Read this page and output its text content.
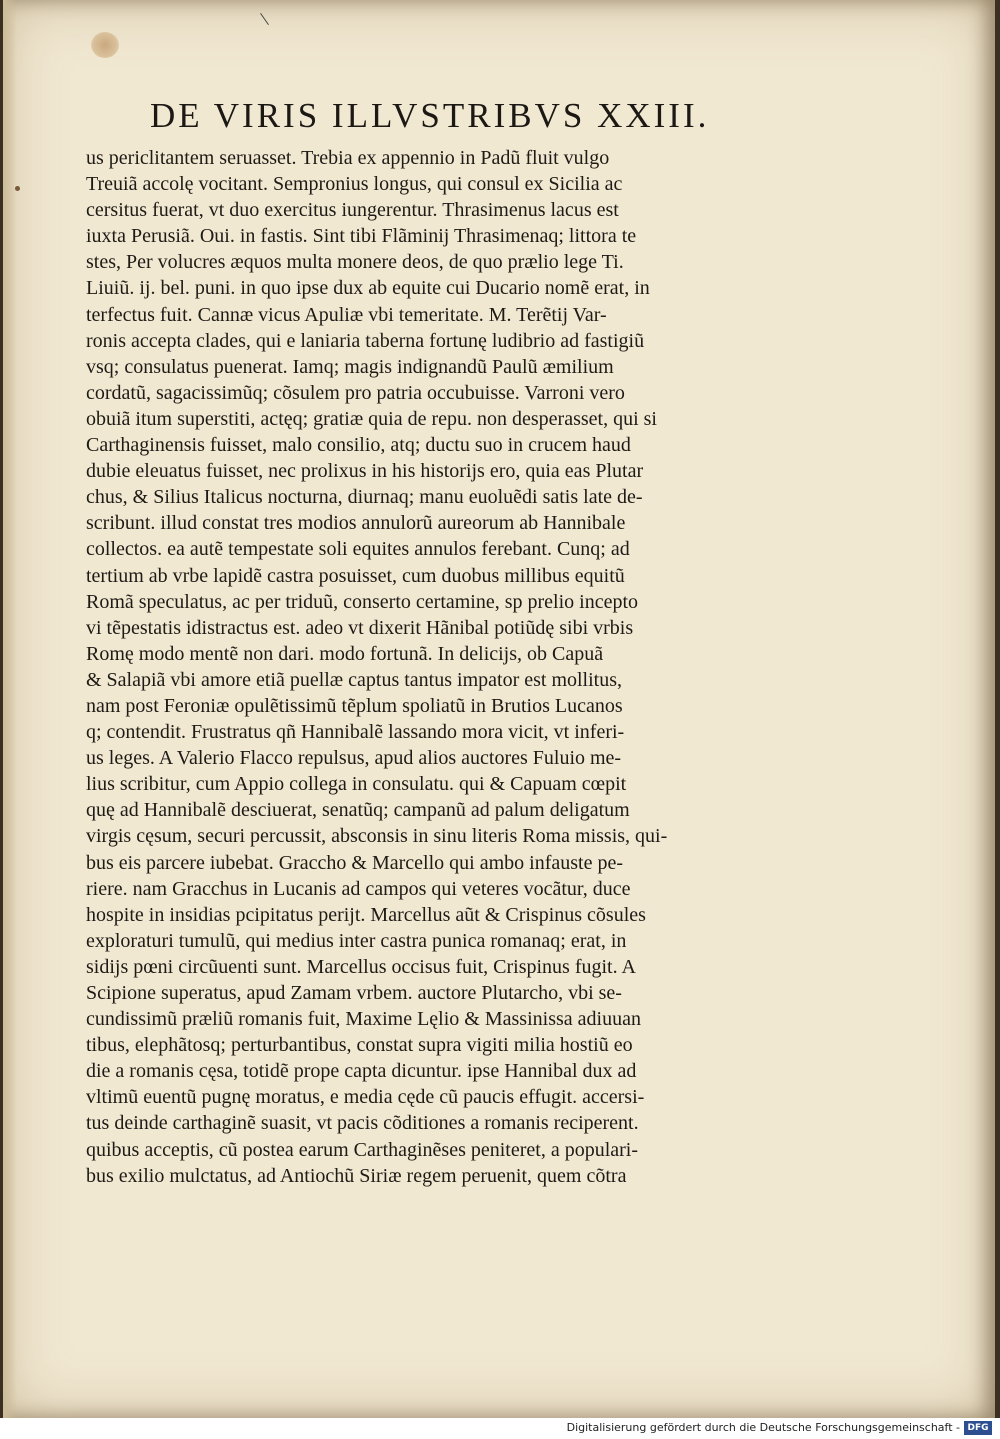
DE VIRIS ILLVSTRIBVS XXIII.
us periclitantem seruasset. Trebia ex appennio in Padũ fluit vulgo
Treuiã accolę vocitant. Sempronius longus, qui consul ex Sicilia ac
cersitus fuerat, vt duo exercitus iungerentur. Thrasimenus lacus est
iuxta Perusiã. Oui. in fastis. Sint tibi Flãminij Thrasimenaq; littora te
stes, Per volucres æquos multa monere deos, de quo prælio lege Ti.
Liuiũ. ij. bel. puni. in quo ipse dux ab equite cui Ducario nomẽ erat, in
terfectus fuit. Cannæ vicus Apuliæ vbi temeritate. M. Terẽtij Var-
ronis accepta clades, qui e laniaria taberna fortunę ludibrio ad fastigiũ
vsq; consulatus puenerat. Iamq; magis indignandũ Paulũ æmilium
cordatũ, sagacissimũq; cõsulem pro patria occubuisse. Varroni vero
obuiã itum superstiti, actęq; gratiæ quia de repu. non desperasset, qui si
Carthaginensis fuisset, malo consilio, atq; ductu suo in crucem haud
dubie eleuatus fuisset, nec prolixus in his historijs ero, quia eas Plutar
chus, & Silius Italicus nocturna, diurnaq; manu euoluẽdi satis late de-
scribunt. illud constat tres modios annulorũ aureorum ab Hannibale
collectos. ea autẽ tempestate soli equites annulos ferebant. Cunq; ad
tertium ab vrbe lapidẽ castra posuisset, cum duobus millibus equitũ
Romã speculatus, ac per triduũ, conserto certamine, sp prelio incepto
vi tẽpestatis idistractus est. adeo vt dixerit Hãnibal potiũdę sibi vrbis
Romę modo mentẽ non dari. modo fortunã. In delicijs, ob Capuã
& Salapiã vbi amore etiã puellæ captus tantus impator est mollitus,
nam post Feroniæ opulẽtissimũ tẽplum spoliatũ in Brutios Lucanos
q; contendit. Frustratus qñ Hannibalẽ lassando mora vicit, vt inferi-
us leges. A Valerio Flacco repulsus, apud alios auctores Fuluio me-
lius scribitur, cum Appio collega in consulatu. qui & Capuam cœpit
quę ad Hannibalẽ desciuerat, senatũq; campanũ ad palum deligatum
virgis cęsum, securi percussit, absconsis in sinu literis Roma missis, qui-
bus eis parcere iubebat. Graccho & Marcello qui ambo infauste pe-
riere. nam Gracchus in Lucanis ad campos qui veteres vocãtur, duce
hospite in insidias pcipitatus perijt. Marcellus aũt & Crispinus cõsules
exploraturi tumulũ, qui medius inter castra punica romanaq; erat, in
sidijs pœni circũuenti sunt. Marcellus occisus fuit, Crispinus fugit. A
Scipione superatus, apud Zamam vrbem. auctore Plutarcho, vbi se-
cundissimũ præliũ romanis fuit, Maxime Lęlio & Massinissa adiuuan
tibus, elephãtosq; perturbantibus, constat supra vigiti milia hostiũ eo
die a romanis cęsa, totidẽ prope capta dicuntur. ipse Hannibal dux ad
vltimũ euentũ pugnę moratus, e media cęde cũ paucis effugit. accersi-
tus deinde carthaginẽ suasit, vt pacis cõditiones a romanis reciperent.
quibus acceptis, cũ postea earum Carthaginẽses peniteret, a populari-
bus exilio mulctatus, ad Antiochũ Siriæ regem peruenit, quem cõtra
Digitalisierung gefördert durch die Deutsche Forschungsgemeinschaft - DFG
